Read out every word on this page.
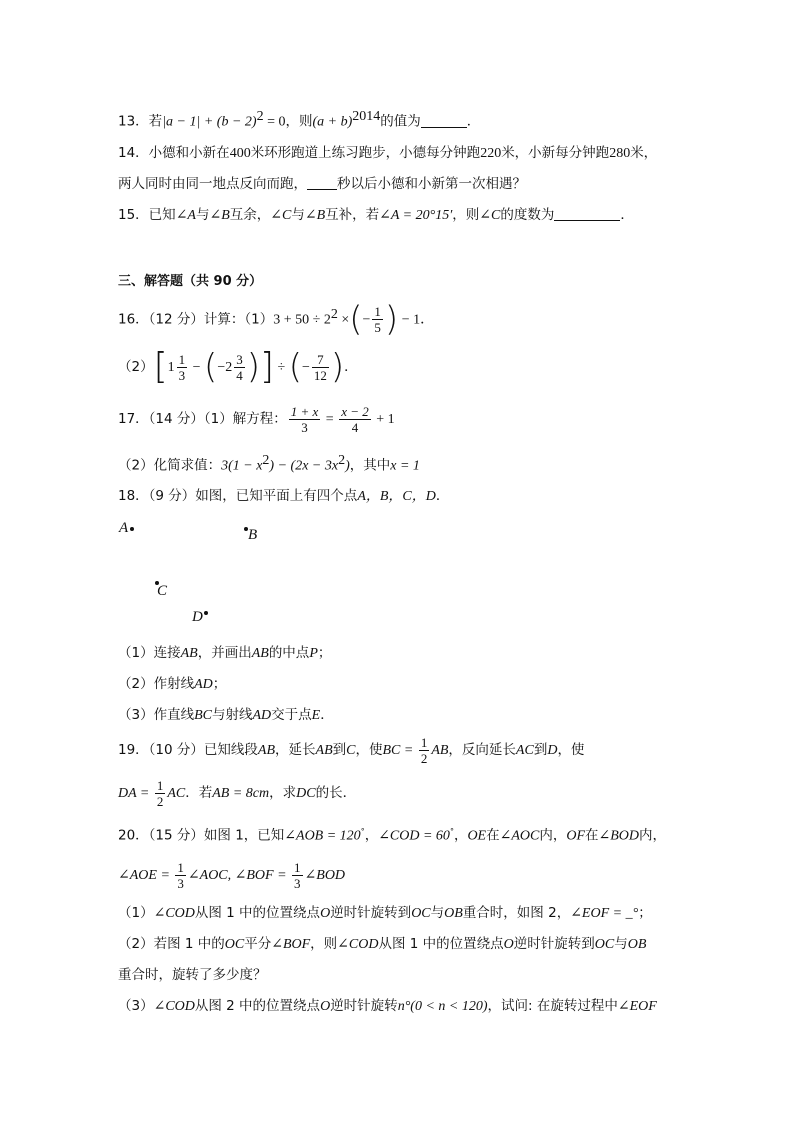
13．若$|a - 1| + (b - 2)^2 = 0$，则$(a + b)^{2014}$的值为	．
14．小德和小新在400米环形跑道上练习跑步，小德每分钟跑220米，小新每分钟跑280米，
两人同时由同一地点反向而跑， 秒以后小德和小新第一次相遇？
15．已知∠A与∠B互余，∠C与∠B互补，若∠A = 20°15′，则∠C的度数为	．
三、解答题（共 90 分）
16．（12 分）计算：$(1)3 + 50 \div 2^2$ ×(− $\frac{1}{5}$ ) − 1．
$(2)[1 \frac{1}{3} - (-2 \frac{3}{4}$ )] ÷ (− $\frac{7}{12}$ )．
17．（14 分）（1）解方程： $\frac{1 + x}{3} = \frac{x - 2}{4} + 1$
（2）化简求值：$3(1 - x^2) - (2x - 3x^2)$，其中x = 1
18．（9 分）如图，已知平面上有四个点A，B，C，D．
A	B
C
D
（1）连接AB，并画出AB的中点P；
（2）作射线AD；
（3）作直线BC与射线AD交于点E．
19．（10 分）已知线段AB，延长AB到C，使BC = $\frac{1}{2}$ AB，反向延长AC到D，使
DA = $\frac{1}{2}$ AC．若AB = 8cm，求DC的长．
20．（15 分）如图 1，已知∠AOB = 120°，∠COD = 60°，OE在∠AOC内，OF在∠BOD内，
∠AOE = $\frac{1}{3}$ ∠AOC, ∠BOF = $\frac{1}{3}$ ∠BOD
（1）∠COD从图 1 中的位置绕点O逆时针旋转到OC与OB重合时，如图 2，∠EOF = _°；
（2）若图 1 中的OC平分∠BOF，则∠COD从图 1 中的位置绕点O逆时针旋转到OC与OB
重合时，旋转了多少度？
（3）∠COD从图 2 中的位置绕点O逆时针旋转n°(0 < n < 120)，试问: 在旋转过程中∠EOF
